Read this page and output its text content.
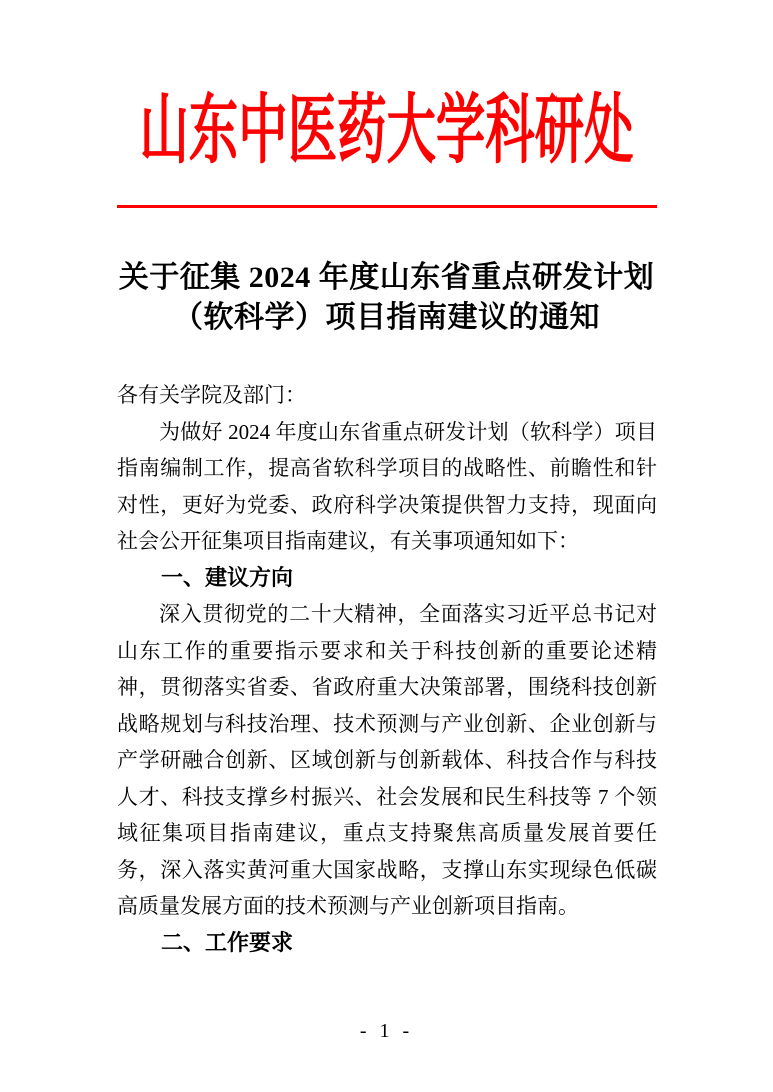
山东中医药大学科研处
关于征集 2024 年度山东省重点研发计划
（软科学）项目指南建议的通知

各有关学院及部门：

为做好 2024 年度山东省重点研发计划（软科学）项目指南编制工作，提高省软科学项目的战略性、前瞻性和针对性，更好为党委、政府科学决策提供智力支持，现面向社会公开征集项目指南建议，有关事项通知如下：

一、建议方向

深入贯彻党的二十大精神，全面落实习近平总书记对山东工作的重要指示要求和关于科技创新的重要论述精神，贯彻落实省委、省政府重大决策部署，围绕科技创新战略规划与科技治理、技术预测与产业创新、企业创新与产学研融合创新、区域创新与创新载体、科技合作与科技人才、科技支撑乡村振兴、社会发展和民生科技等 7 个领域征集项目指南建议，重点支持聚焦高质量发展首要任务，深入落实黄河重大国家战略，支撑山东实现绿色低碳高质量发展方面的技术预测与产业创新项目指南。

二、工作要求
- 1 -
